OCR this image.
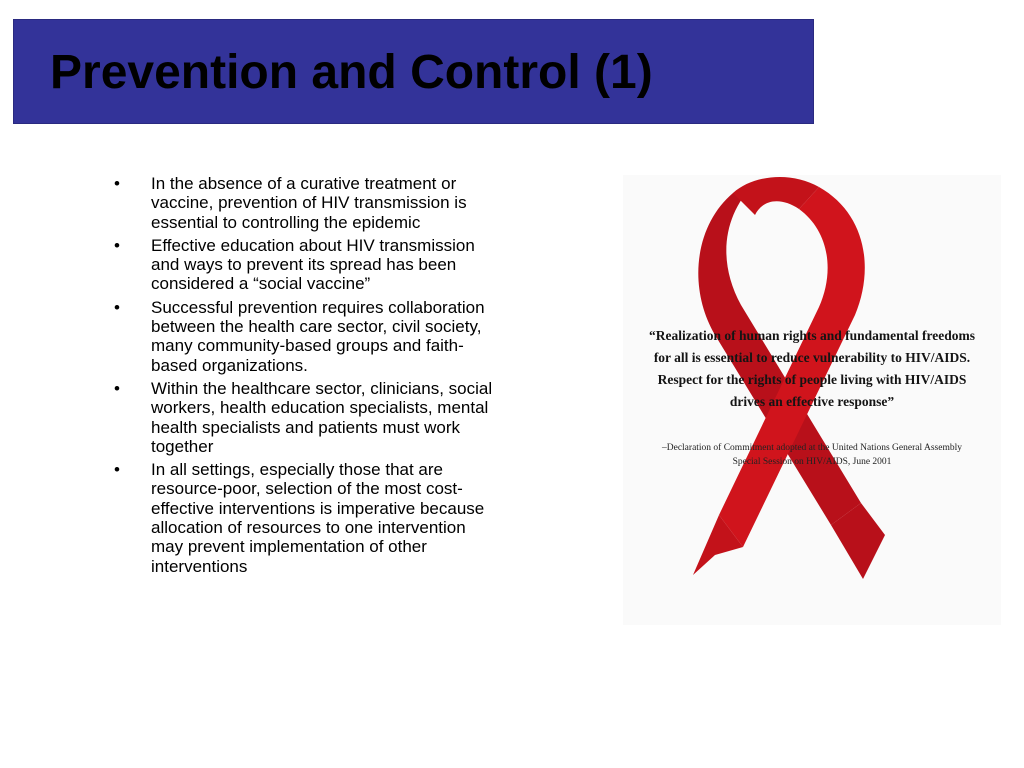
Prevention and Control (1)
• In the absence of a curative treatment or vaccine, prevention of HIV transmission is essential to controlling the epidemic
• Effective education about HIV transmission and ways to prevent its spread has been considered a “social vaccine”
• Successful prevention requires collaboration between the health care sector, civil society, many community-based groups and faith-based organizations.
• Within the healthcare sector, clinicians, social workers, health education specialists, mental health specialists and patients must work together
• In all settings, especially those that are resource-poor, selection of the most cost-effective interventions is imperative because allocation of resources to one intervention may prevent implementation of other interventions
“Realization of human rights and fundamental freedoms for all is essential to reduce vulnerability to HIV/AIDS. Respect for the rights of people living with HIV/AIDS drives an effective response”
–Declaration of Commitment adopted at the United Nations General Assembly Special Session on HIV/AIDS, June 2001
